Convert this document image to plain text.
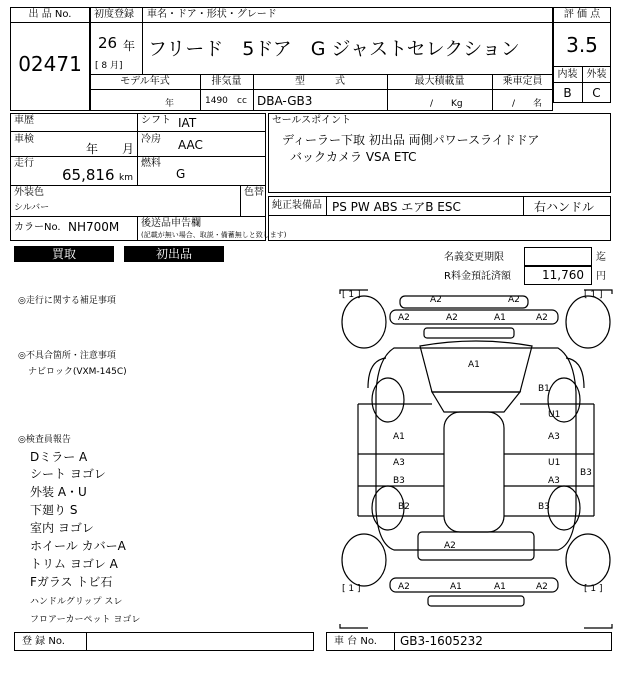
出 品 No.
02471
初度登録
26 年
[ 8 月]
車名・ドア・形状・グレード
フリード　5ドア　G ジャストセレクション
モデル年式
年
排気量
1490 cc
型　　　式
DBA-GB3
最大積載量
/　　Kg
乗車定員
/　　名
評 価 点
3.5
内装 外装
B	C
車歴
車検
年　　月
走行
65,816 km
シフト IAT
冷房 AAC
燃料
G
外装色
シルバー
色替
カラーNo. NH700M 後送品申告欄
(記載が無い場合、取説・備蓄無しと致します)
セールスポイント
ディーラー下取 初出品 両側パワースライドドア
バックカメラ VSA ETC
純正装備品 PS PW ABS エアB ESC	右ハンドル
買取	初出品	名義変更期限	迄
R料金預託済額	11,760 円
◎走行に関する補足事項
◎不具合箇所・注意事項
ナビロック(VXM-145C)
◎検査員報告
Dミラー A
シート ヨゴレ
外装 A・U
下廻り S
室内 ヨゴレ
ホイール カバーA
トリム ヨゴレ A
Fガラス トビ石
ハンドルグリップ スレ
フロアーカーペット ヨゴレ
[ 1 ]	[ 1 ]
[ 1 ]	[ 1 ]
A2	A2
A2	A2	A1	A2
A1
B1
U1
A3
U1
A3
B3
B3
A1
A3
B3
B2
A2
A2	A1	A1	A2
登 録 No.	車 台 No. GB3-1605232
